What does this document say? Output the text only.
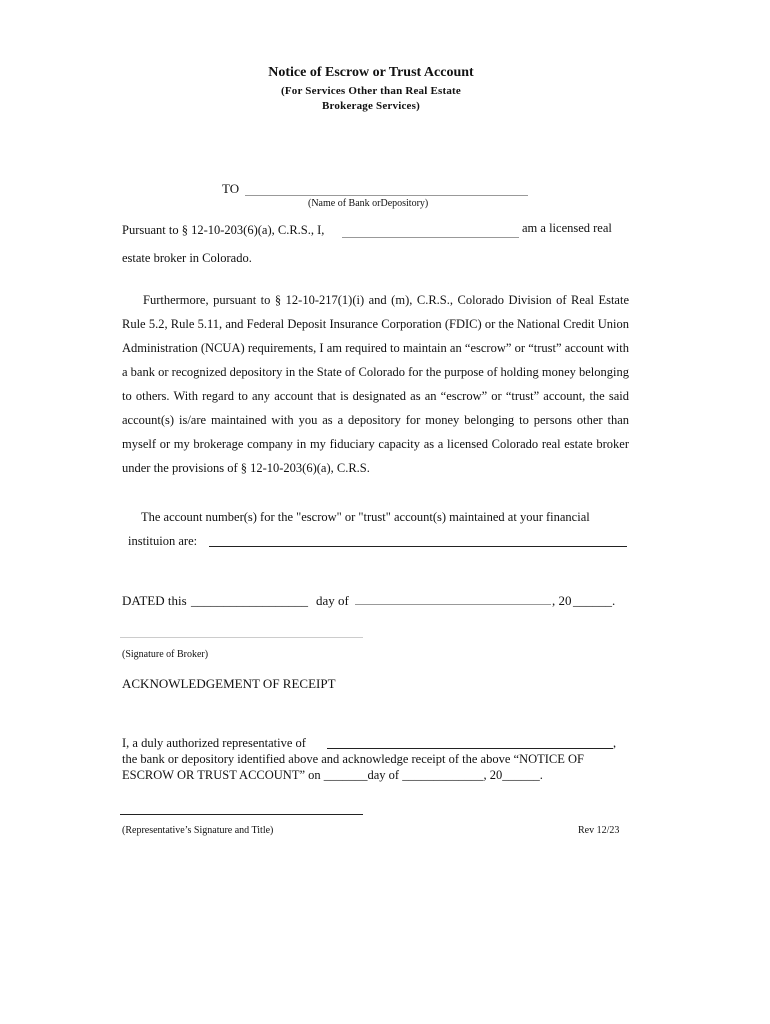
Notice of Escrow or Trust Account
(For Services Other than Real Estate
Brokerage Services)
TO
(Name of Bank orDepository)
Pursuant to § 12-10-203(6)(a), C.R.S., I,	am a licensed real
estate broker in Colorado.

Furthermore, pursuant to § 12-10-217(1)(i) and (m), C.R.S., Colorado Division of Real Estate Rule 5.2, Rule 5.11, and Federal Deposit Insurance Corporation (FDIC) or the National Credit Union Administration (NCUA) requirements, I am required to maintain an “escrow” or “trust” account with a bank or recognized depository in the State of Colorado for the purpose of holding money belonging to others. With regard to any account that is designated as an “escrow” or “trust” account, the said account(s) is/are maintained with you as a depository for money belonging to persons other than myself or my brokerage company in my fiduciary capacity as a licensed Colorado real estate broker under the provisions of § 12-10-203(6)(a), C.R.S.

The account number(s) for the "escrow" or "trust" account(s) maintained at your financial
instituion are:
DATED this __________________ day of	, 20 ______.
(Signature of Broker)
ACKNOWLEDGEMENT OF RECEIPT
I, a duly authorized representative of	,
the bank or depository identified above and acknowledge receipt of the above “NOTICE OF
ESCROW OR TRUST ACCOUNT” on _______day of _____________, 20______.
(Representative’s Signature and Title)	Rev 12/23
